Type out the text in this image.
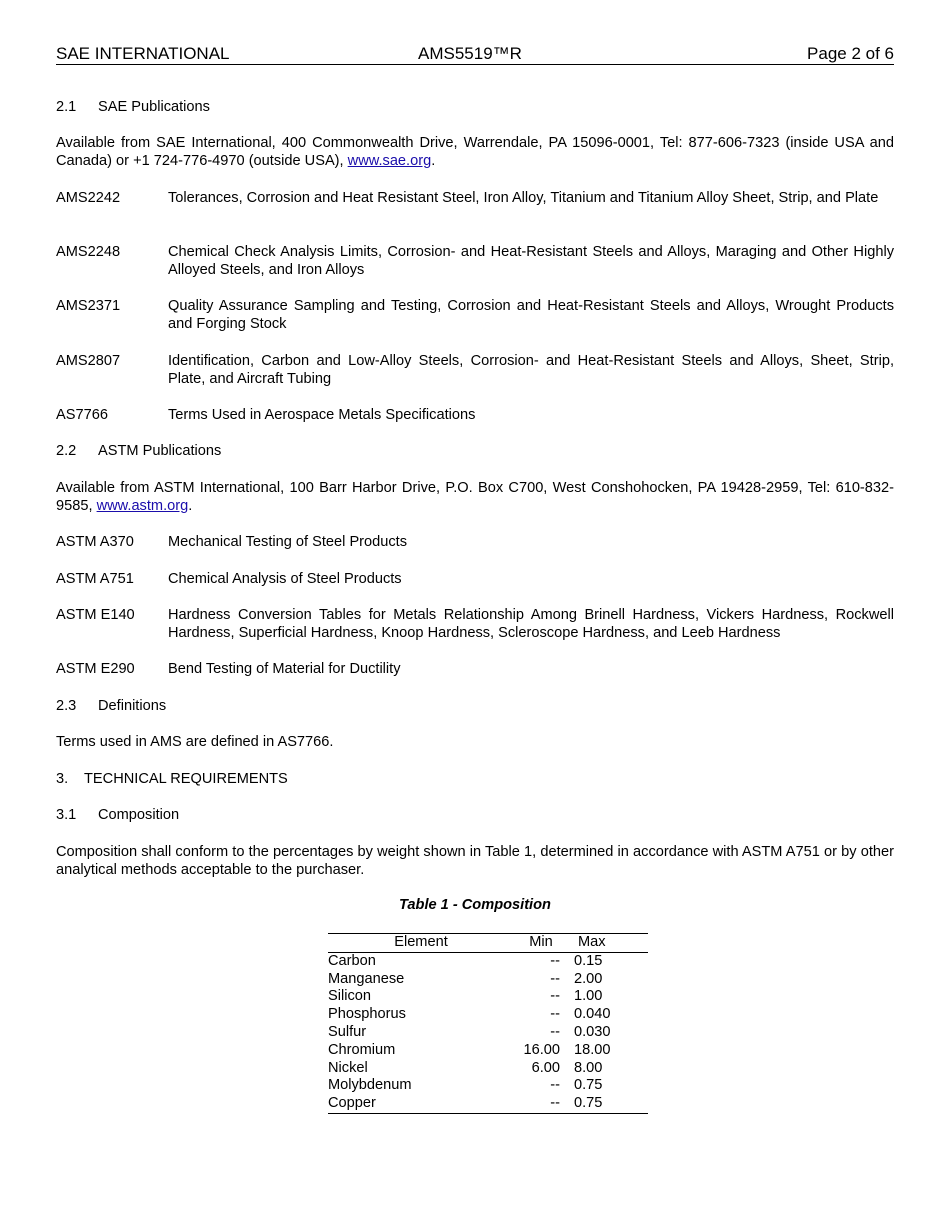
SAE INTERNATIONAL	AMS5519™R	Page 2 of 6
2.1 SAE Publications
Available from SAE International, 400 Commonwealth Drive, Warrendale, PA 15096-0001, Tel: 877-606-7323 (inside USA and Canada) or +1 724-776-4970 (outside USA), www.sae.org.
AMS2242	Tolerances, Corrosion and Heat Resistant Steel, Iron Alloy, Titanium and Titanium Alloy Sheet, Strip, and Plate
AMS2248	Chemical Check Analysis Limits, Corrosion- and Heat-Resistant Steels and Alloys, Maraging and Other Highly Alloyed Steels, and Iron Alloys
AMS2371	Quality Assurance Sampling and Testing, Corrosion and Heat-Resistant Steels and Alloys, Wrought Products and Forging Stock
AMS2807	Identification, Carbon and Low-Alloy Steels, Corrosion- and Heat-Resistant Steels and Alloys, Sheet, Strip, Plate, and Aircraft Tubing
AS7766	Terms Used in Aerospace Metals Specifications
2.2 ASTM Publications
Available from ASTM International, 100 Barr Harbor Drive, P.O. Box C700, West Conshohocken, PA 19428-2959, Tel: 610-832-9585, www.astm.org.
ASTM A370	Mechanical Testing of Steel Products
ASTM A751	Chemical Analysis of Steel Products
ASTM E140	Hardness Conversion Tables for Metals Relationship Among Brinell Hardness, Vickers Hardness, Rockwell Hardness, Superficial Hardness, Knoop Hardness, Scleroscope Hardness, and Leeb Hardness
ASTM E290	Bend Testing of Material for Ductility
2.3 Definitions
Terms used in AMS are defined in AS7766.
3. TECHNICAL REQUIREMENTS
3.1 Composition
Composition shall conform to the percentages by weight shown in Table 1, determined in accordance with ASTM A751 or by other analytical methods acceptable to the purchaser.
Table 1 - Composition
Element	Min	Max
Carbon	--	0.15
Manganese	--	2.00
Silicon	--	1.00
Phosphorus	--	0.040
Sulfur	--	0.030
Chromium	16.00	18.00
Nickel	6.00	8.00
Molybdenum	--	0.75
Copper	--	0.75
